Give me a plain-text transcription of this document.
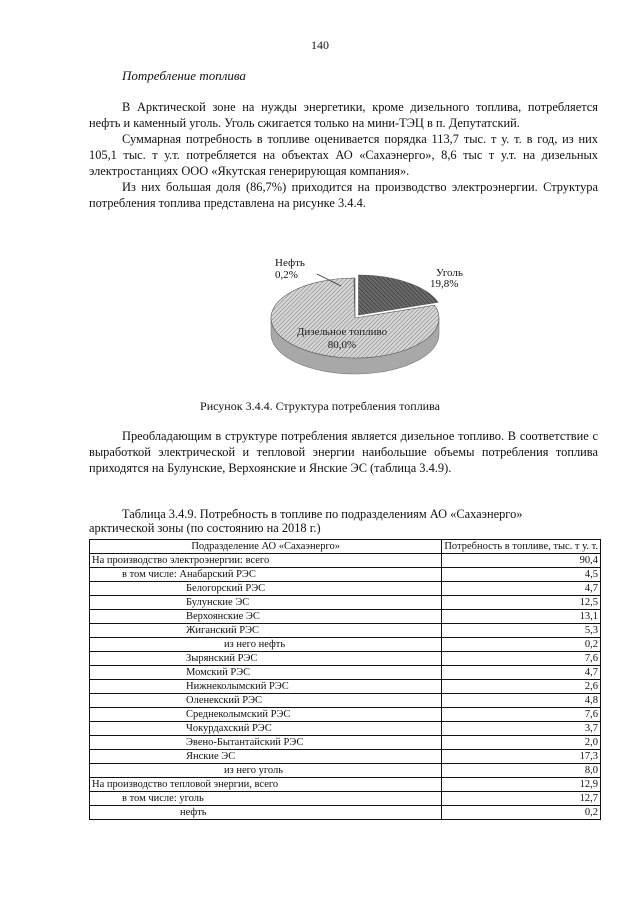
140
Потребление топлива

В Арктической зоне на нужды энергетики, кроме дизельного топлива, потребляется нефть и каменный уголь. Уголь сжигается только на мини-ТЭЦ в п. Депутатский.

Суммарная потребность в топливе оценивается порядка 113,7 тыс. т у. т. в год, из них 105,1 тыс. т у.т. потребляется на объектах АО «Сахаэнерго», 8,6 тыс т у.т. на дизельных электростанциях ООО «Якутская генерирующая компания».

Из них большая доля (86,7%) приходится на производство электроэнергии. Структура потребления топлива представлена на рисунке 3.4.4.

Нефть
0,2%	Уголь
19,8%
Дизельное топливо
80,0%
Рисунок 3.4.4. Структура потребления топлива

Преобладающим в структуре потребления является дизельное топливо. В соответствие с выработкой электрической и тепловой энергии наибольшие объемы потребления топлива приходятся на Булунские, Верхоянские и Янские ЭС (таблица 3.4.9).

Таблица 3.4.9. Потребность в топливе по подразделениям АО «Сахаэнерго»
арктической зоны (по состоянию на 2018 г.)
Подразделение АО «Сахаэнерго»	Потребность в топливе, тыс. т у. т.
На производство электроэнергии: всего	90,4
в том числе: Анабарский РЭС	4,5
Белогорский РЭС	4,7
Булунские ЭС	12,5
Верхоянские ЭС	13,1
Жиганский РЭС	5,3
из него нефть	0,2
Зырянский РЭС	7,6
Момский РЭС	4,7
Нижнеколымский РЭС	2,6
Оленекский РЭС	4,8
Среднеколымский РЭС	7,6
Чокурдахский РЭС	3,7
Эвено-Бытантайский РЭС	2,0
Янские ЭС	17,3
из него уголь	8,0
На производство тепловой энергии, всего	12,9
в том числе: уголь	12,7
нефть	0,2
